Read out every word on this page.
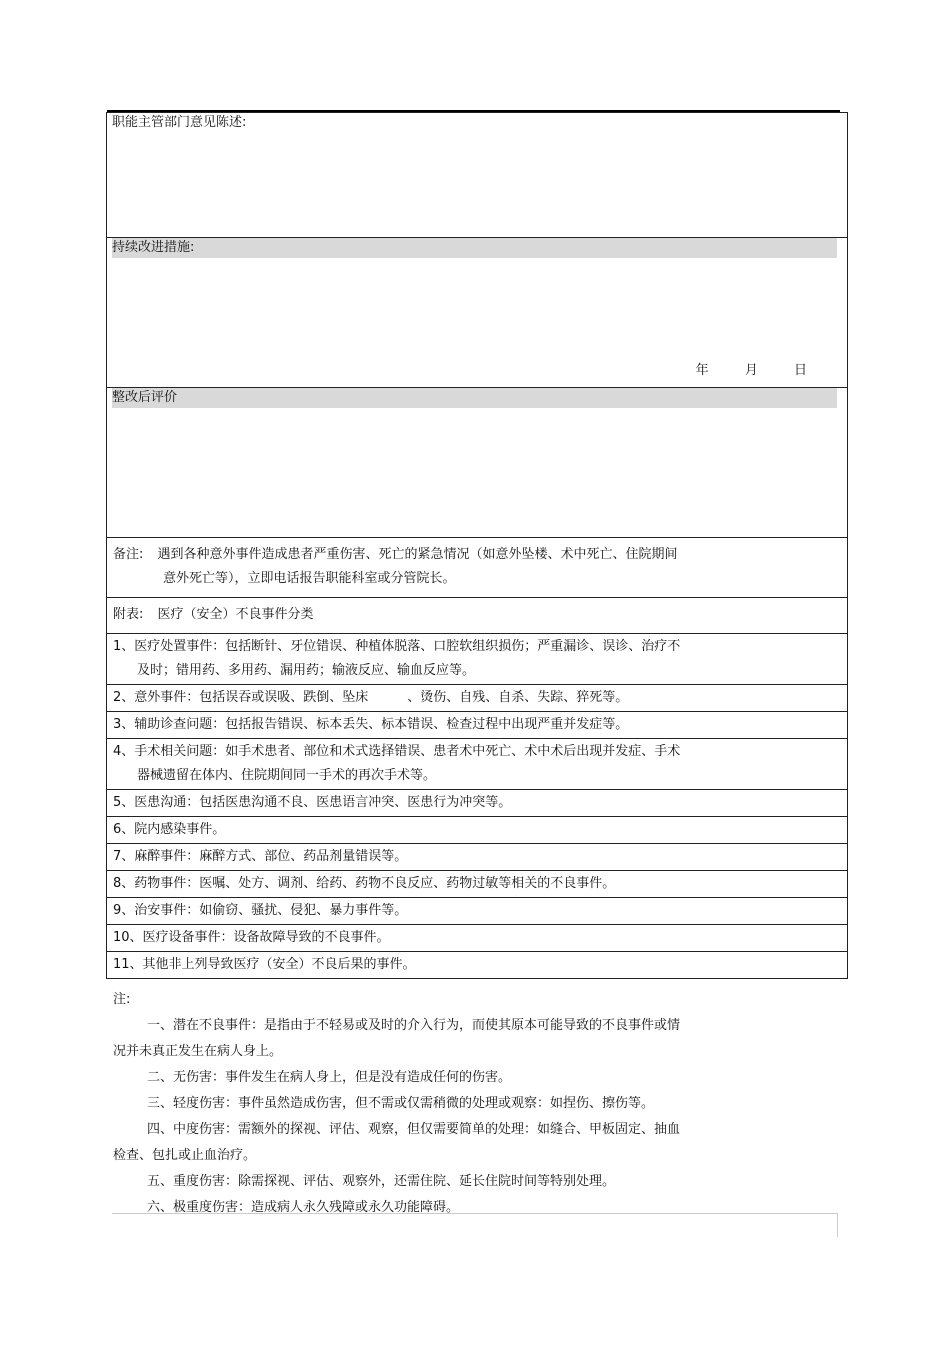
职能主管部门意见陈述:

持续改进措施:
年	月	日

整改后评价

备注: 遇到各种意外事件造成患者严重伤害、死亡的紧急情况（如意外坠楼、术中死亡、住院期间
意外死亡等），立即电话报告职能科室或分管院长。

附表: 医疗（安全）不良事件分类

1、医疗处置事件：包括断针、牙位错误、种植体脱落、口腔软组织损伤；严重漏诊、误诊、治疗不
及时；错用药、多用药、漏用药；输液反应、输血反应等。

2、意外事件：包括误吞或误吸、跌倒、坠床　　　、烫伤、自残、自杀、失踪、猝死等。

3、辅助诊查问题：包括报告错误、标本丢失、标本错误、检查过程中出现严重并发症等。

4、手术相关问题：如手术患者、部位和术式选择错误、患者术中死亡、术中术后出现并发症、手术
器械遗留在体内、住院期间同一手术的再次手术等。

5、医患沟通：包括医患沟通不良、医患语言冲突、医患行为冲突等。

6、院内感染事件。

7、麻醉事件：麻醉方式、部位、药品剂量错误等。

8、药物事件：医嘱、处方、调剂、给药、药物不良反应、药物过敏等相关的不良事件。

9、治安事件：如偷窃、骚扰、侵犯、暴力事件等。

10、医疗设备事件：设备故障导致的不良事件。

11、其他非上列导致医疗（安全）不良后果的事件。

注:

一、潜在不良事件：是指由于不轻易或及时的介入行为，而使其原本可能导致的不良事件或情

况并未真正发生在病人身上。

二、无伤害：事件发生在病人身上，但是没有造成任何的伤害。

三、轻度伤害：事件虽然造成伤害，但不需或仅需稍微的处理或观察：如捏伤、擦伤等。

四、中度伤害：需额外的探视、评估、观察，但仅需要简单的处理：如缝合、甲板固定、抽血

检查、包扎或止血治疗。

五、重度伤害：除需探视、评估、观察外，还需住院、延长住院时间等特别处理。

六、极重度伤害：造成病人永久残障或永久功能障碍。
